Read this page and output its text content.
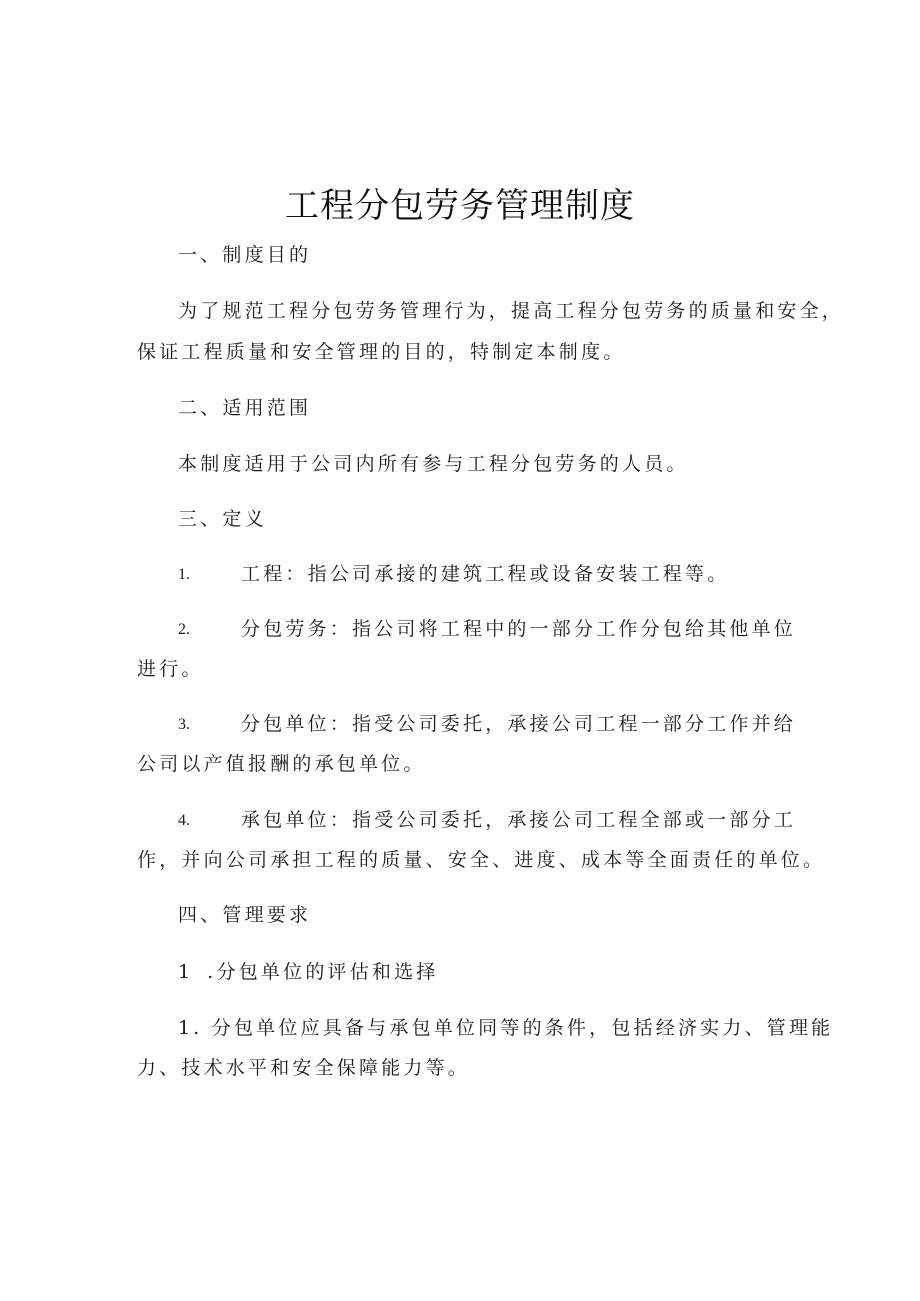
工程分包劳务管理制度
一、制度目的
为了规范工程分包劳务管理行为，提高工程分包劳务的质量和安全，
保证工程质量和安全管理的目的，特制定本制度。
二、适用范围
本制度适用于公司内所有参与工程分包劳务的人员。
三、定义
1.	工程：指公司承接的建筑工程或设备安装工程等。
2.	分包劳务：指公司将工程中的一部分工作分包给其他单位
进行。
3.	分包单位：指受公司委托，承接公司工程一部分工作并给
公司以产值报酬的承包单位。
4.	承包单位：指受公司委托，承接公司工程全部或一部分工
作，并向公司承担工程的质量、安全、进度、成本等全面责任的单位。
四、管理要求
1 .分包单位的评估和选择
1. 分包单位应具备与承包单位同等的条件，包括经济实力、管理能
力、技术水平和安全保障能力等。
